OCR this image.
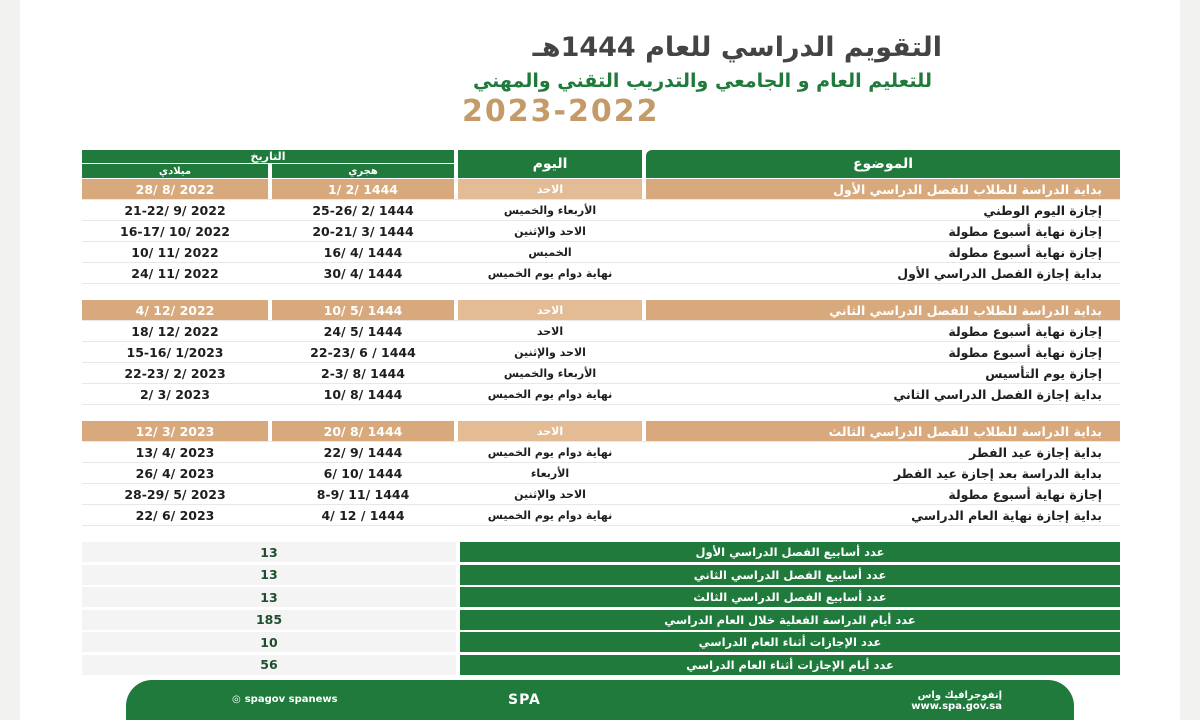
التقويم الدراسي للعام 1444هـ
للتعليم العام و الجامعي والتدريب التقني والمهني
2023-2022
الموضوع
اليوم
التاريخ
هجري
ميلادي
بداية الدراسة للطلاب للفصل الدراسي الأول
الاحد
1/ 2/ 1444
28/ 8/ 2022
إجازة اليوم الوطني
الأربعاء والخميس
25-26/ 2/ 1444
21-22/ 9/ 2022
إجازة نهاية أسبوع مطولة
الاحد والإثنين
20-21/ 3/ 1444
16-17/ 10/ 2022
إجازة نهاية أسبوع مطولة
الخميس
16/ 4/ 1444
10/ 11/ 2022
بداية إجازة الفصل الدراسي الأول
نهاية دوام يوم الخميس
30/ 4/ 1444
24/ 11/ 2022
بداية الدراسة للطلاب للفصل الدراسي الثاني
الاحد
10/ 5/ 1444
4/ 12/ 2022
إجازة نهاية أسبوع مطولة
الاحد
24/ 5/ 1444
18/ 12/ 2022
إجازة نهاية أسبوع مطولة
الاحد والإثنين
22-23/ 6 / 1444
15-16/ 1/2023
إجازة يوم التأسيس
الأربعاء والخميس
2-3/ 8/ 1444
22-23/ 2/ 2023
بداية إجازة الفصل الدراسي الثاني
نهاية دوام يوم الخميس
10/ 8/ 1444
2/ 3/ 2023
بداية الدراسة للطلاب للفصل الدراسي الثالث
الاحد
20/ 8/ 1444
12/ 3/ 2023
بداية إجازة عيد الفطر
نهاية دوام يوم الخميس
22/ 9/ 1444
13/ 4/ 2023
بداية الدراسة بعد إجازة عيد الفطر
الأربعاء
6/ 10/ 1444
26/ 4/ 2023
إجازة نهاية أسبوع مطولة
الاحد والإثنين
8-9/ 11/ 1444
28-29/ 5/ 2023
بداية إجازة نهاية العام الدراسي
نهاية دوام يوم الخميس
4/ 12 / 1444
22/ 6/ 2023
عدد أسابيع الفصل الدراسي الأول
13
عدد أسابيع الفصل الدراسي الثاني
13
عدد أسابيع الفصل الدراسي الثالث
13
عدد أيام الدراسة الفعلية خلال العام الدراسي
185
عدد الإجازات أثناء العام الدراسي
10
عدد أيام الإجازات أثناء العام الدراسي
56
◎ spagov spanews	SPA	إنفوجرافيك واس
www.spa.gov.sa
